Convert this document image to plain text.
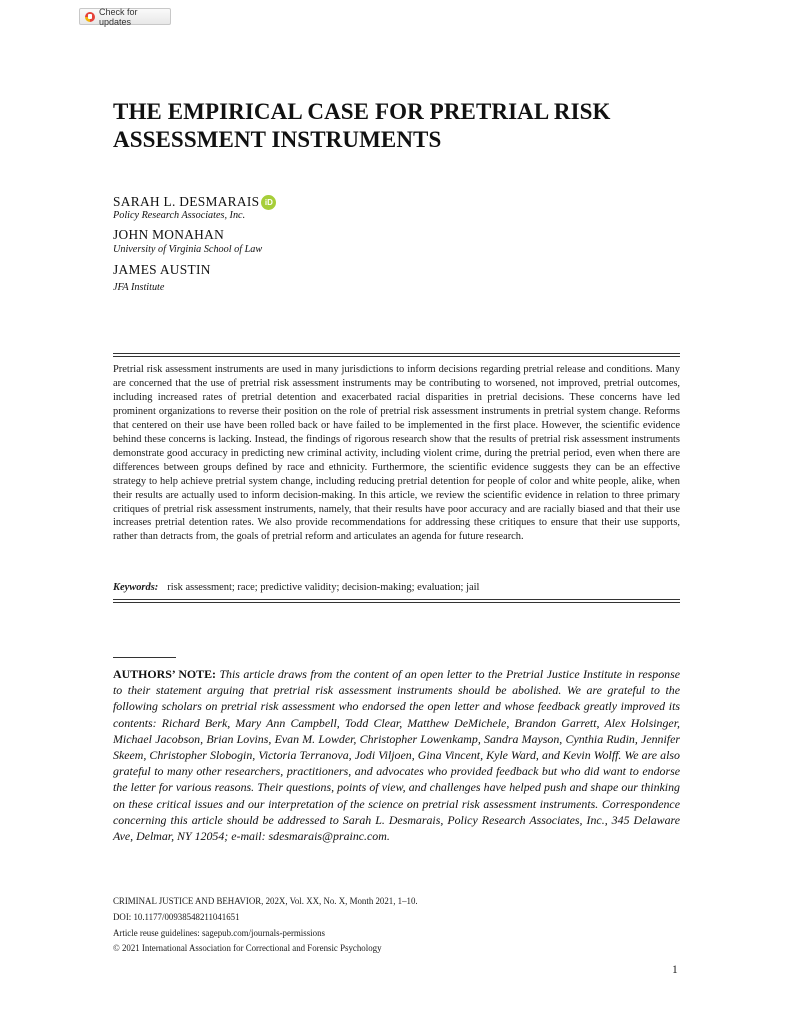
Check for updates
THE EMPIRICAL CASE FOR PRETRIAL RISK ASSESSMENT INSTRUMENTS
SARAH L. DESMARAIS iD
Policy Research Associates, Inc.
JOHN MONAHAN
University of Virginia School of Law
JAMES AUSTIN
JFA Institute

Pretrial risk assessment instruments are used in many jurisdictions to inform decisions regarding pretrial release and conditions. Many are concerned that the use of pretrial risk assessment instruments may be contributing to worsened, not improved, pretrial outcomes, including increased rates of pretrial detention and exacerbated racial disparities in pretrial decisions. These concerns have led prominent organizations to reverse their position on the role of pretrial risk assessment instruments in pretrial system change. Reforms that centered on their use have been rolled back or have failed to be implemented in the first place. However, the scientific evidence behind these concerns is lacking. Instead, the findings of rigorous research show that the results of pretrial risk assessment instruments demonstrate good accuracy in predicting new criminal activity, including violent crime, during the pretrial period, even when there are differences between groups defined by race and ethnicity. Furthermore, the scientific evidence suggests they can be an effective strategy to help achieve pretrial system change, including reducing pretrial detention for people of color and white people, alike, when their results are actually used to inform decision-making. In this article, we review the scientific evidence in relation to three primary critiques of pretrial risk assessment instruments, namely, that their results have poor accuracy and are racially biased and that their use increases pretrial detention rates. We also provide recommendations for addressing these critiques to ensure that their use supports, rather than detracts from, the goals of pretrial reform and articulates an agenda for future research.

Keywords: risk assessment; race; predictive validity; decision-making; evaluation; jail

AUTHORS’ NOTE: This article draws from the content of an open letter to the Pretrial Justice Institute in response to their statement arguing that pretrial risk assessment instruments should be abolished. We are grateful to the following scholars on pretrial risk assessment who endorsed the open letter and whose feedback greatly improved its contents: Richard Berk, Mary Ann Campbell, Todd Clear, Matthew DeMichele, Brandon Garrett, Alex Holsinger, Michael Jacobson, Brian Lovins, Evan M. Lowder, Christopher Lowenkamp, Sandra Mayson, Cynthia Rudin, Jennifer Skeem, Christopher Slobogin, Victoria Terranova, Jodi Viljoen, Gina Vincent, Kyle Ward, and Kevin Wolff. We are also grateful to many other researchers, practitioners, and advocates who provided feedback but who did want to endorse the letter for various reasons. Their questions, points of view, and challenges have helped push and shape our thinking on these critical issues and our interpretation of the science on pretrial risk assessment instruments. Correspondence concerning this article should be addressed to Sarah L. Desmarais, Policy Research Associates, Inc., 345 Delaware Ave, Delmar, NY 12054; e-mail: sdesmarais@prainc.com.

CRIMINAL JUSTICE AND BEHAVIOR, 202X, Vol. XX, No. X, Month 2021, 1–10.
DOI: 10.1177/00938548211041651
Article reuse guidelines: sagepub.com/journals-permissions
© 2021 International Association for Correctional and Forensic Psychology
1
